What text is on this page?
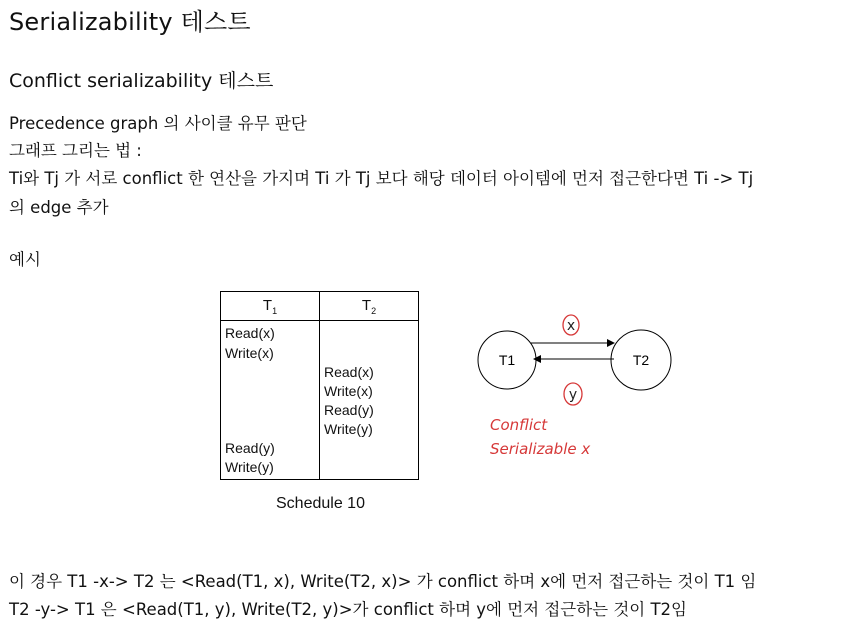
Serializability 테스트
Conflict serializability 테스트
Precedence graph 의 사이클 유무 판단
그래프 그리는 법 :
Ti와 Tj 가 서로 conflict 한 연산을 가지며 Ti 가 Tj 보다 해당 데이터 아이템에 먼저 접근한다면 Ti -> Tj
의 edge 추가
예시
$T_1$	$T_2$
Read(x)
Write(x)
Read(x)
Write(x)
Read(y)
Write(y)
Read(y)
Write(y)
Schedule 10
T1	T2
x
y
Conflict
Serializable x
이 경우 T1 -x-> T2 는 <Read(T1, x), Write(T2, x)> 가 conflict 하며 x에 먼저 접근하는 것이 T1 임
T2 -y-> T1 은 <Read(T1, y), Write(T2, y)>가 conflict 하며 y에 먼저 접근하는 것이 T2임
